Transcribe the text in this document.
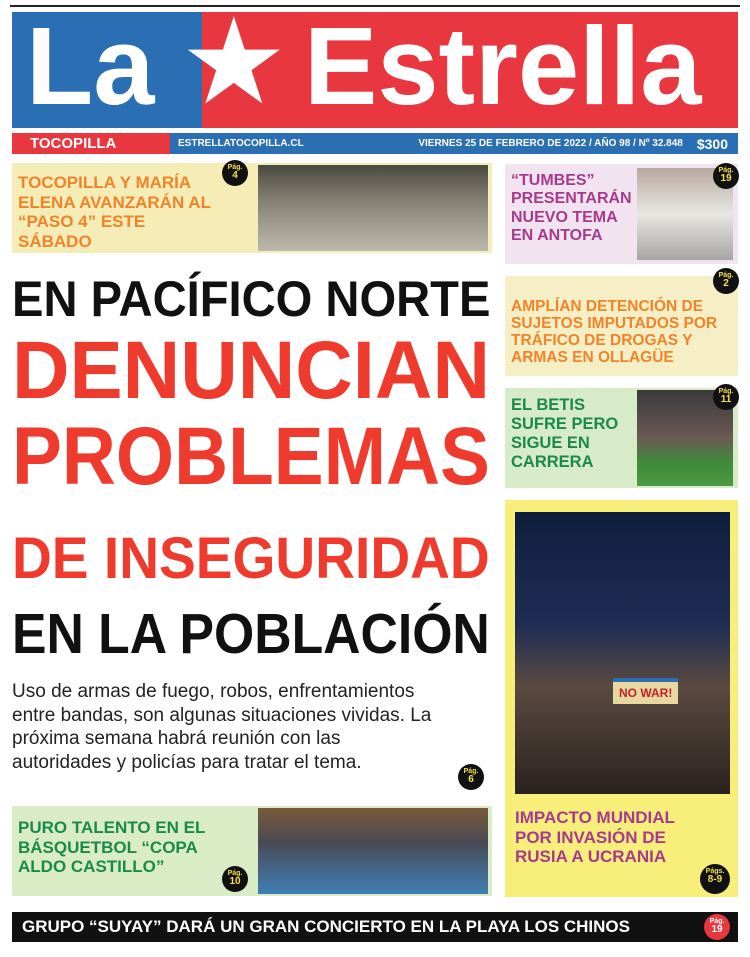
La ★ Estrella
TOCOPILLA	ESTRELLATOCOPILLA.CL	VIERNES 25 DE FEBRERO DE 2022 / AÑO 98 / Nº 32.848 $300
TOCOPILLA Y MARÍA ELENA AVANZARÁN AL “PASO 4” ESTE SÁBADO
Pág.
4
EN PACÍFICO NORTE
DENUNCIAN
PROBLEMAS
DE INSEGURIDAD
EN LA POBLACIÓN
Uso de armas de fuego, robos, enfrentamientos entre bandas, son algunas situaciones vividas. La próxima semana habrá reunión con las autoridades y policías para tratar el tema.	Pág.
6
PURO TALENTO EN EL BÁSQUETBOL “COPA ALDO CASTILLO”	Pág.
10
“TUMBES” PRESENTARÁN NUEVO TEMA EN ANTOFA
Pág.
19
AMPLÍAN DETENCIÓN DE SUJETOS IMPUTADOS POR TRÁFICO DE DROGAS Y ARMAS EN OLLAGÜE
Pág.
2
EL BETIS SUFRE PERO SIGUE EN CARRERA
Pág.
11
NO WAR!
IMPACTO MUNDIAL POR INVASIÓN DE RUSIA A UCRANIA
Págs.
8-9
GRUPO “SUYAY” DARÁ UN GRAN CONCIERTO EN LA PLAYA LOS CHINOS	Pág.
19
